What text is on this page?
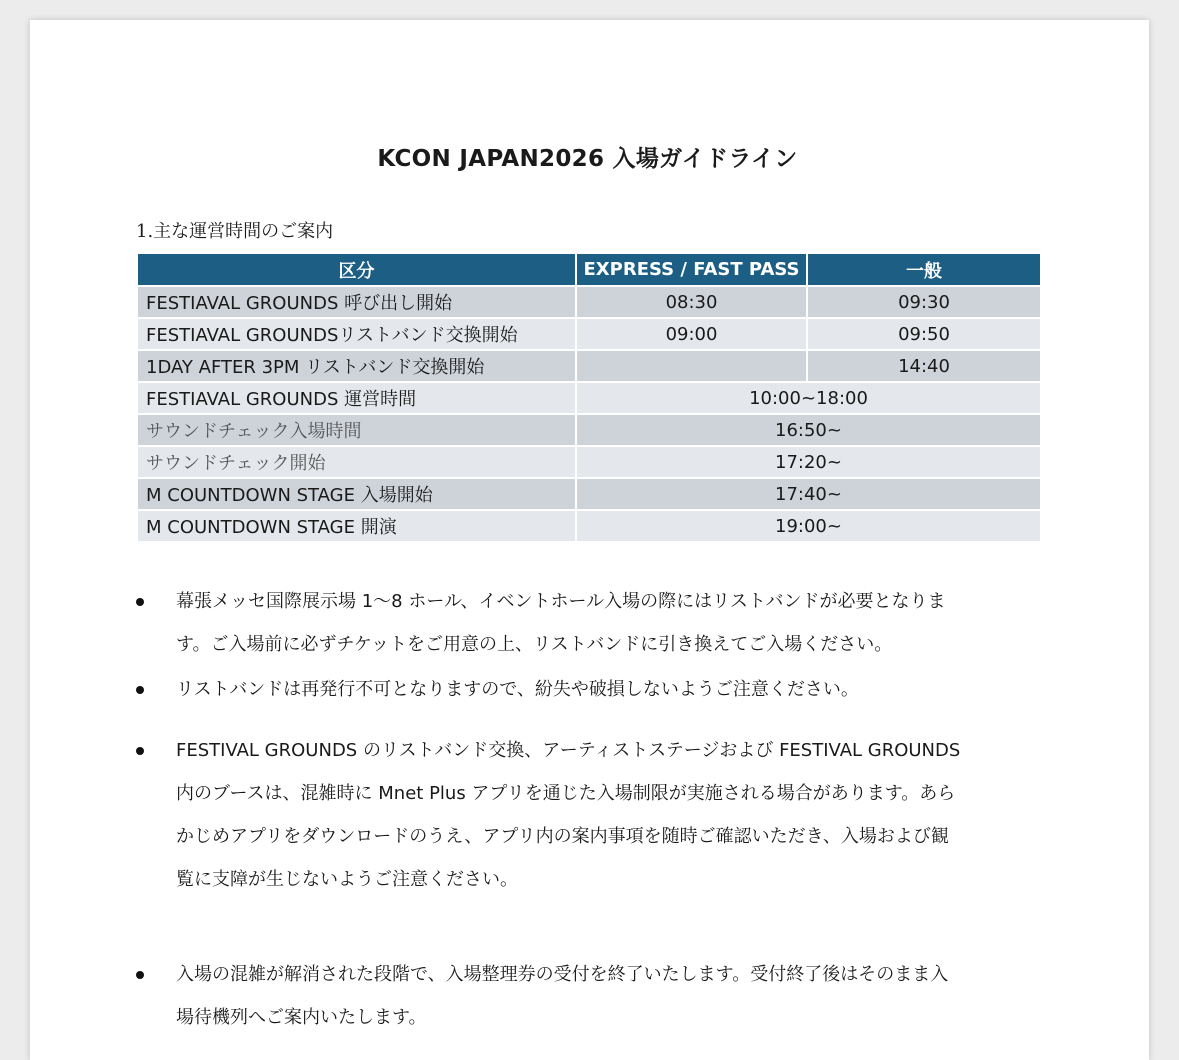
KCON JAPAN2026 入場ガイドライン
1.主な運営時間のご案内
区分	EXPRESS / FAST PASS	一般
FESTIAVAL GROUNDS 呼び出し開始	08:30	09:30
FESTIAVAL GROUNDSリストバンド交換開始	09:00	09:50
1DAY AFTER 3PM リストバンド交換開始		14:40
FESTIAVAL GROUNDS 運営時間	10:00~18:00	
サウンドチェック入場時間	16:50~	
サウンドチェック開始	17:20~	
M COUNTDOWN STAGE 入場開始	17:40~	
M COUNTDOWN STAGE 開演	19:00~	
幕張メッセ国際展示場 1〜8 ホール、イベントホール入場の際にはリストバンドが必要となりま
す。ご入場前に必ずチケットをご用意の上、リストバンドに引き換えてご入場ください。
リストバンドは再発行不可となりますので、紛失や破損しないようご注意ください。
FESTIVAL GROUNDS のリストバンド交換、アーティストステージおよび FESTIVAL GROUNDS
内のブースは、混雑時に Mnet Plus アプリを通じた入場制限が実施される場合があります。あら
かじめアプリをダウンロードのうえ、アプリ内の案内事項を随時ご確認いただき、入場および観
覧に支障が生じないようご注意ください。
入場の混雑が解消された段階で、入場整理券の受付を終了いたします。受付終了後はそのまま入
場待機列へご案内いたします。
